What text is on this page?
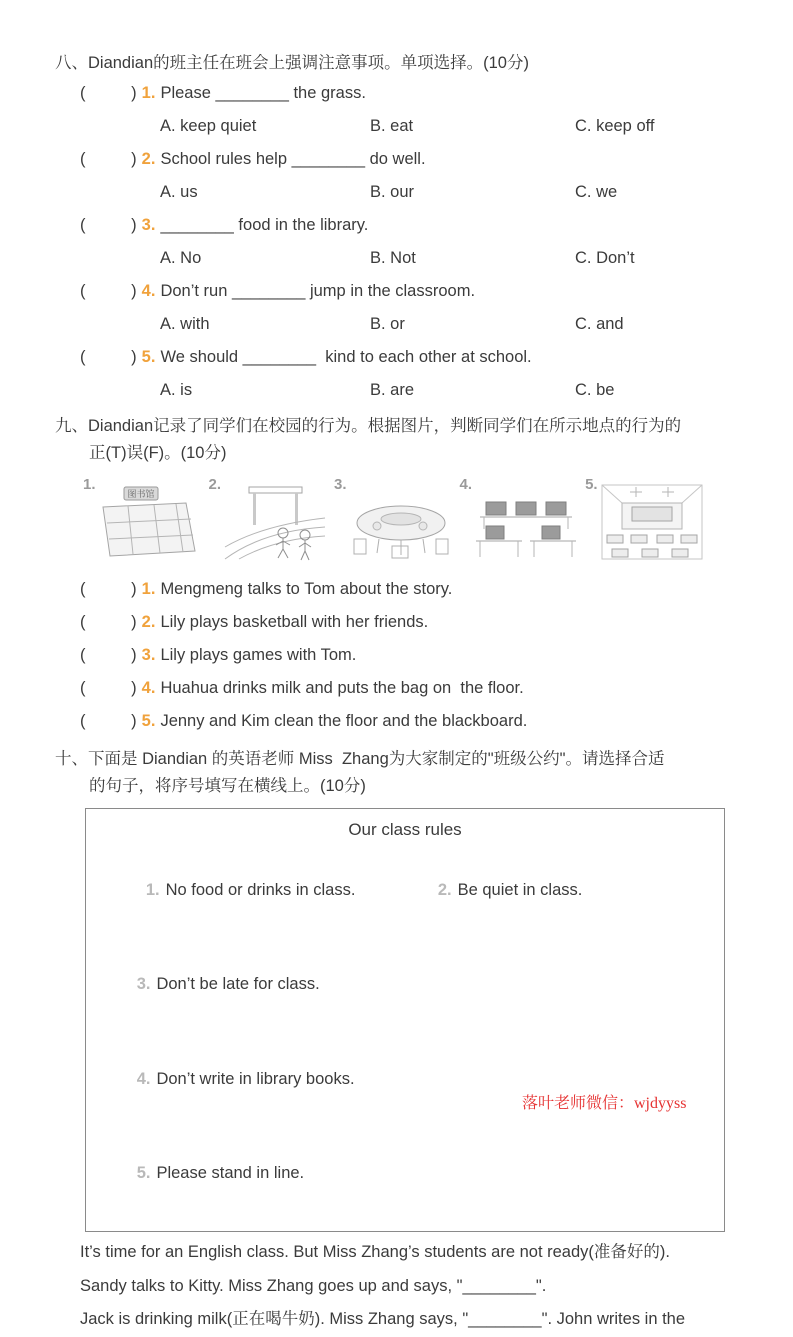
八、Diandian的班主任在班会上强调注意事项。单项选择。(10分)
(        ) 1. Please ________ the grass.
A. keep quiet	B. eat	C. keep off
(        ) 2. School rules help ________ do well.
A. us	B. our	C. we
(        ) 3. ________ food in the library.
A. No	B. Not	C. Don’t
(        ) 4. Don’t run ________ jump in the classroom.
A. with	B. or	C. and
(        ) 5. We should ________  kind to each other at school.
A. is	B. are	C. be
九、Diandian记录了同学们在校园的行为。根据图片，判断同学们在所示地点的行为的
正(T)误(F)。(10分)
1.
图书馆
2.	3.	4.	5.
(        ) 1. Mengmeng talks to Tom about the story.
(        ) 2. Lily plays basketball with her friends.
(        ) 3. Lily plays games with Tom.
(        ) 4. Huahua drinks milk and puts the bag on  the floor.
(        ) 5. Jenny and Kim clean the floor and the blackboard.
十、下面是 Diandian 的英语老师 Miss  Zhang为大家制定的"班级公约"。请选择合适
的句子，将序号填写在横线上。(10分)
Our class rules

1. No food or drinks in class.
	2. Be quiet in class.

3. Don’t be late for class.

4. Don’t write in library books.

5. Please stand in line.

It’s time for an English class. But Miss Zhang’s students are not ready(准备好的).

Sandy talks to Kitty. Miss Zhang goes up and says, "________".

Jack is drinking milk(正在喝牛奶). Miss Zhang says, "________". John writes in the

落叶老师微信：wjdyyss
